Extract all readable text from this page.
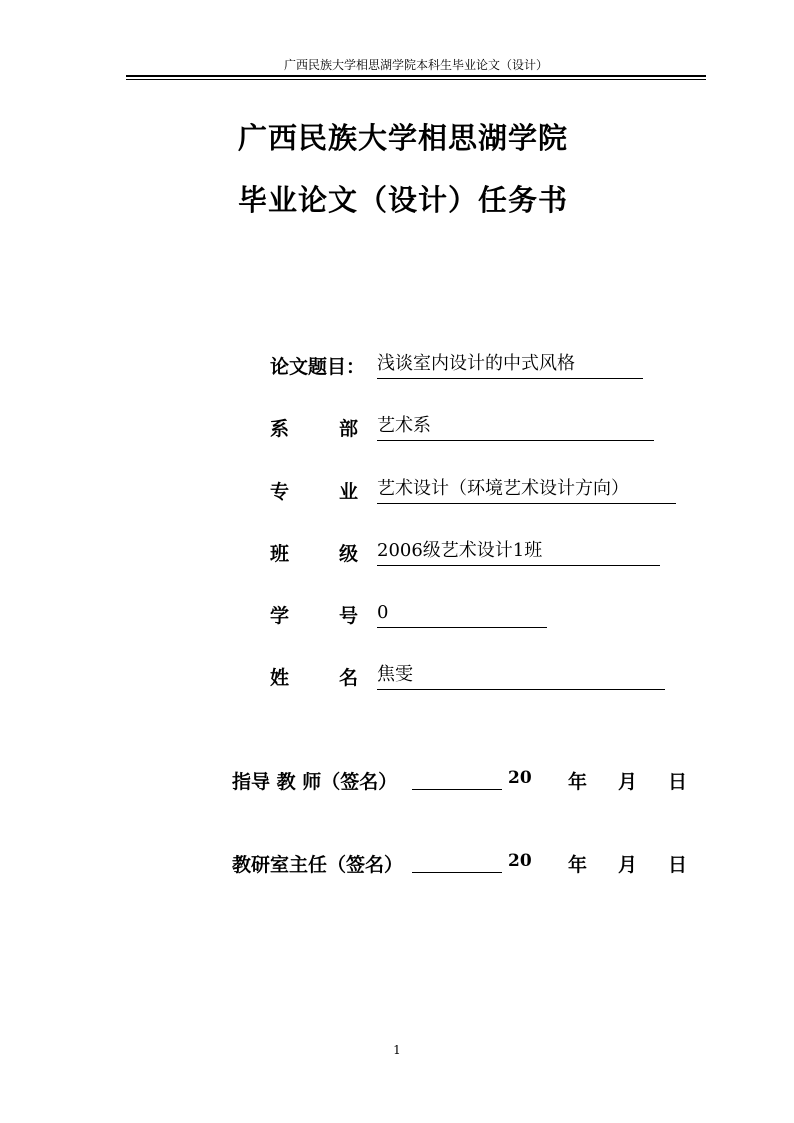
广西民族大学相思湖学院本科生毕业论文（设计）
广西民族大学相思湖学院
毕业论文（设计）任务书
论文题目： 浅谈室内设计的中式风格
系	部 艺术系
专	业 艺术设计（环境艺术设计方向）
班	级 2006级艺术设计1班
学	号 0
姓	名 焦雯
指导 教 师（签名）	20 年 月 日
教研室主任（签名）	20 年 月 日
1
